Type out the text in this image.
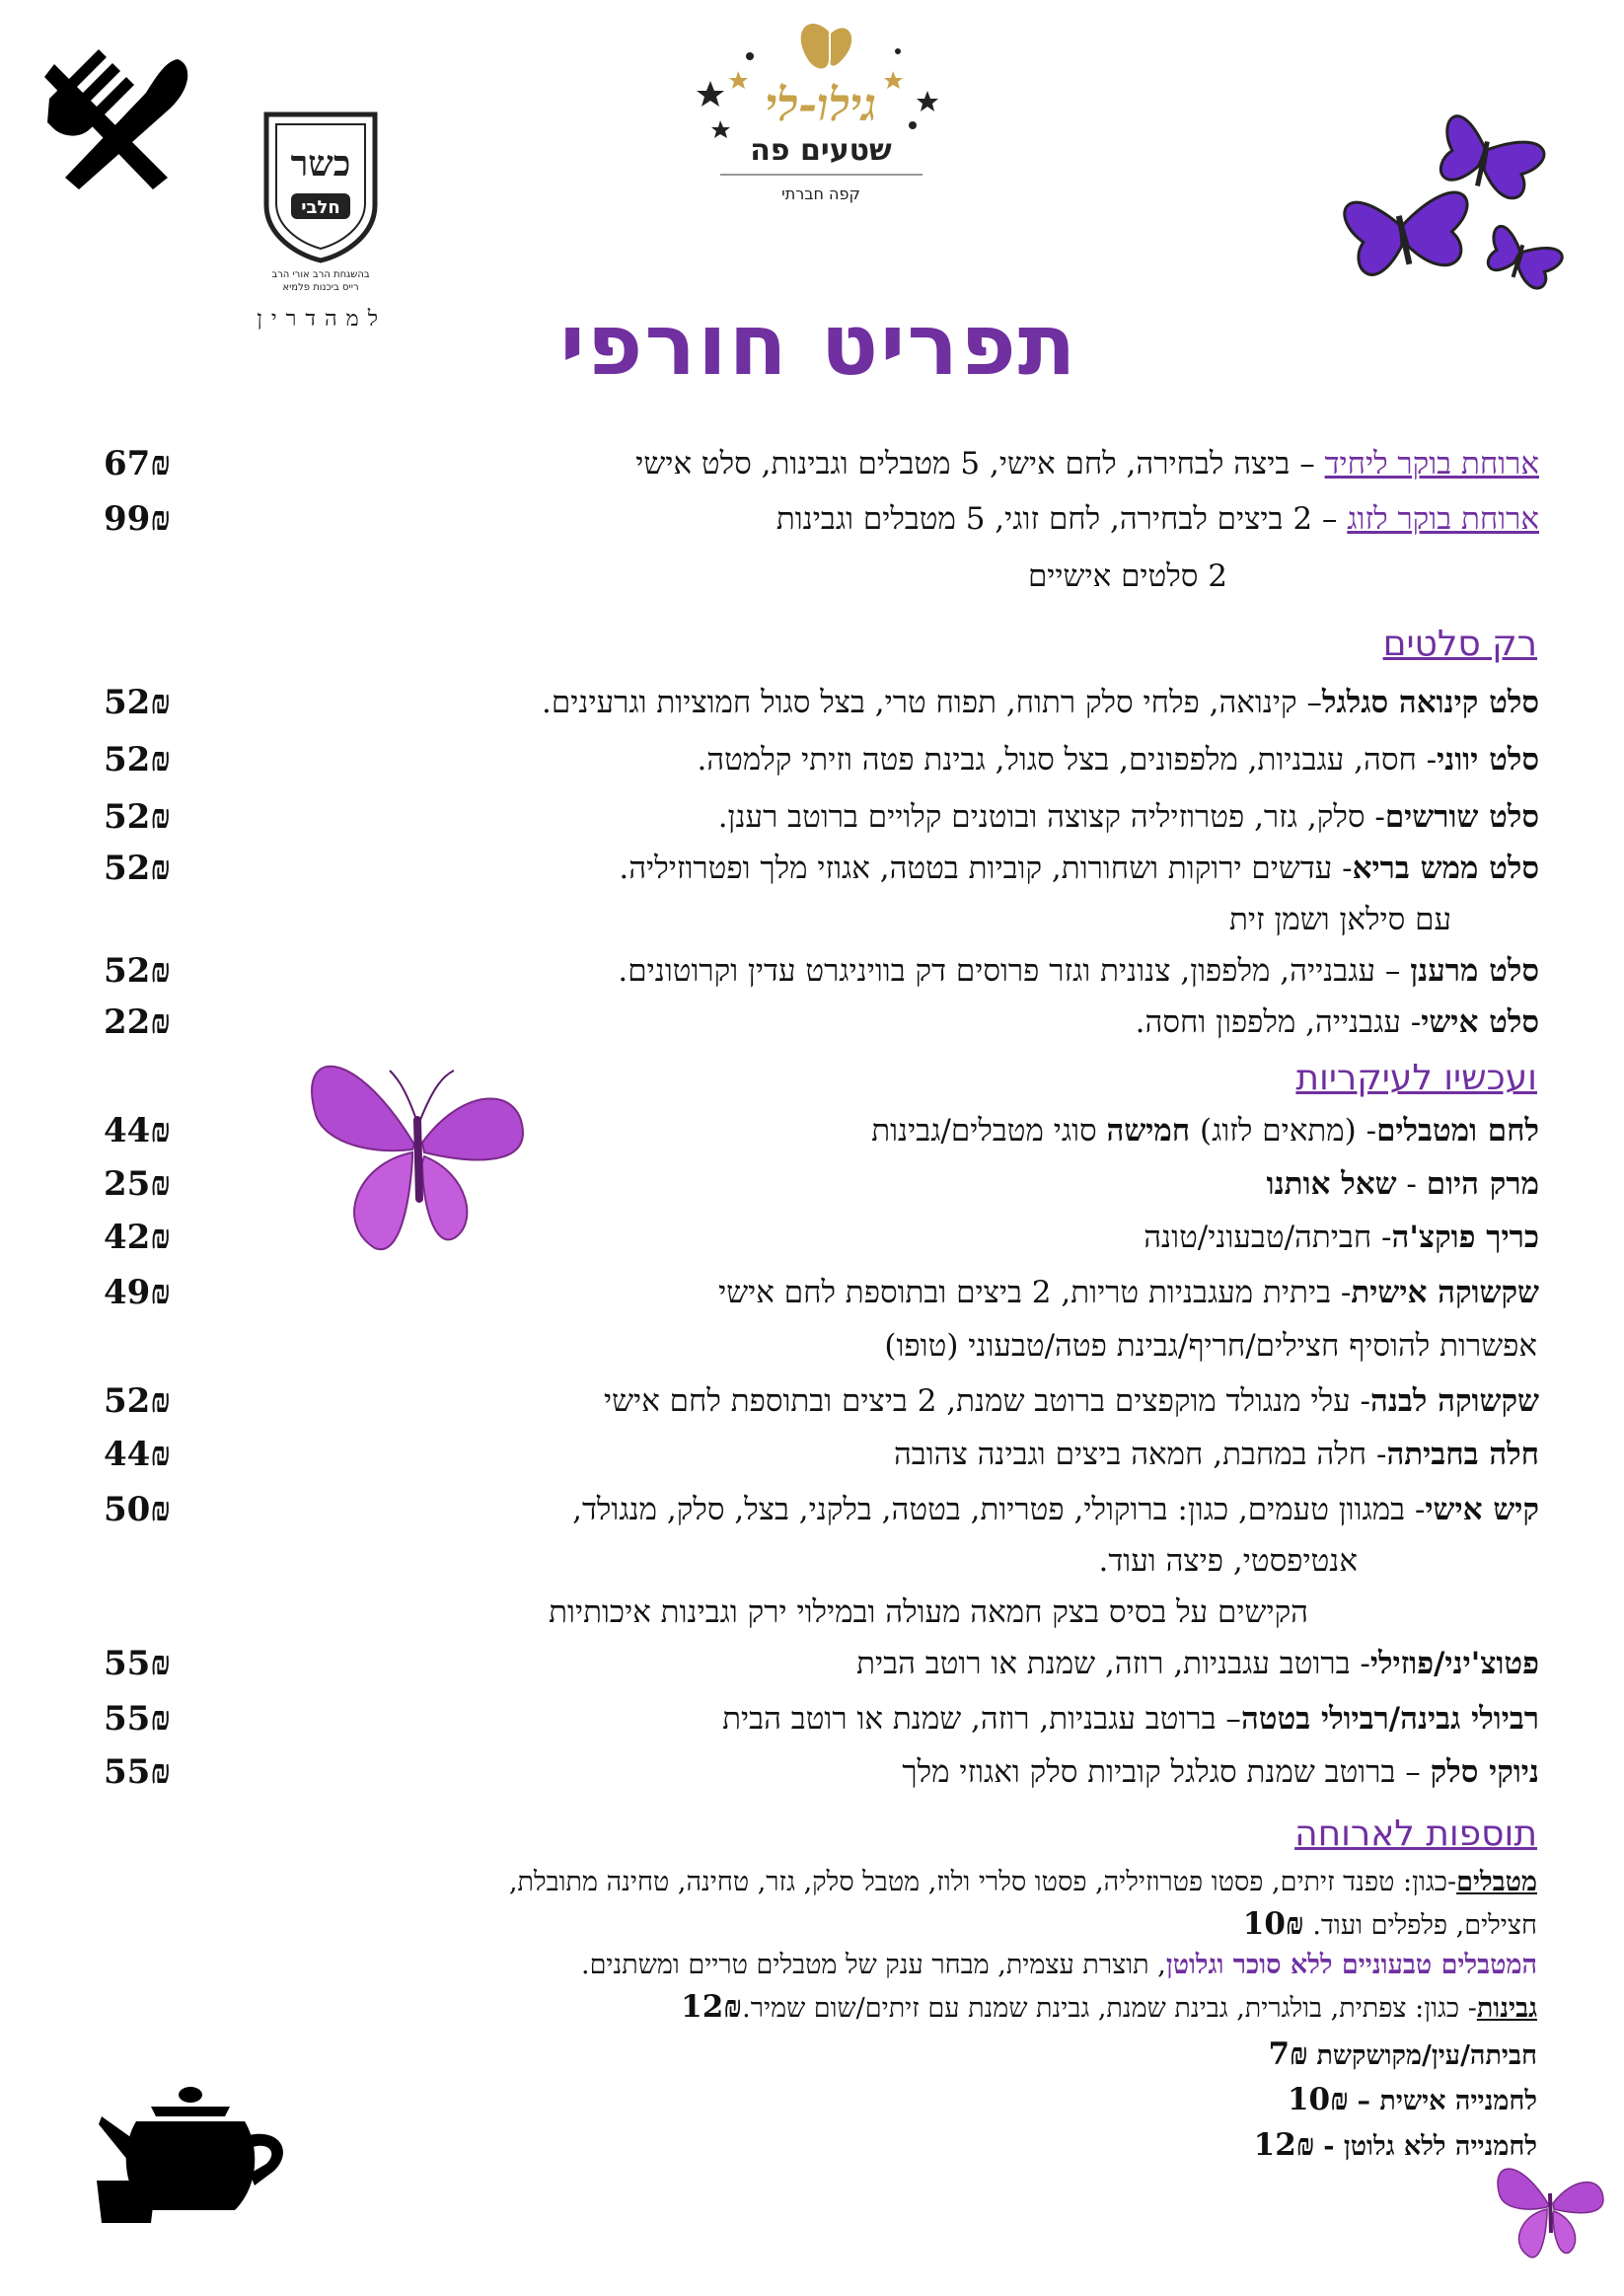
כשר
חלבי
בהשגחת הרב אורי הרב
רייס ביכנות פלמיא
למהדרין
גילו-לי
שטעים פה
קפה חברתי
תפריט חורפי
ארוחת בוקר ליחיד – ביצה לבחירה, לחם אישי, 5 מטבלים וגבינות, סלט אישי
67₪
ארוחת בוקר לזוג – 2 ביצים לבחירה, לחם זוגי, 5 מטבלים וגבינות
99₪
2 סלטים אישיים
רק סלטים
סלט קינואה סגלגל– קינואה, פלחי סלק רתוח, תפוח טרי, בצל סגול חמוציות וגרעינים.
52₪
סלט יווני- חסה, עגבניות, מלפפונים, בצל סגול, גבינת פטה וזיתי קלמטה.
52₪
סלט שורשים- סלק, גזר, פטרוזיליה קצוצה ובוטנים קלויים ברוטב רענן.
52₪
סלט ממש בריא- עדשים ירוקות ושחורות, קוביות בטטה, אגוזי מלך ופטרוזיליה.
52₪
עם סילאן ושמן זית
סלט מרענן – עגבנייה, מלפפון, צנונית וגזר פרוסים דק בוויניגרט עדין וקרוטונים.
52₪
סלט אישי- עגבנייה, מלפפון וחסה.
22₪
ועכשיו לעיקריות
לחם ומטבלים- (מתאים לזוג) חמישה סוגי מטבלים/גבינות
44₪
מרק היום - שאל אותנו
25₪
כריך פוקצ'ה- חביתה/טבעוני/טונה
42₪
שקשוקה אישית- ביתית מעגבניות טריות, 2 ביצים ובתוספת לחם אישי
49₪
אפשרות להוסיף חצילים/חריף/גבינת פטה/טבעוני (טופו)
שקשוקה לבנה- עלי מנגולד מוקפצים ברוטב שמנת, 2 ביצים ובתוספת לחם אישי
52₪
חלה בחביתה- חלה במחבת, חמאה ביצים וגבינה צהובה
44₪
קיש אישי- במגוון טעמים, כגון: ברוקולי, פטריות, בטטה, בלקני, בצל, סלק, מנגולד,
50₪
אנטיפסטי, פיצה ועוד.
הקישים על בסיס בצק חמאה מעולה ובמילוי ירק וגבינות איכותיות
פטוצ'יני/פוזילי- ברוטב עגבניות, רוזה, שמנת או רוטב הבית
55₪
רביולי גבינה/רביולי בטטה– ברוטב עגבניות, רוזה, שמנת או רוטב הבית
55₪
ניוקי סלק – ברוטב שמנת סגלגל קוביות סלק ואגוזי מלך
55₪
תוספות לארוחה
מטבלים-כגון: טפנד זיתים, פסטו פטרוזיליה, פסטו סלרי ולוז, מטבל סלק, גזר, טחינה, טחינה מתובלת,
חצילים, פלפלים ועוד. 10₪
המטבלים טבעוניים ללא סוכר וגלוטן, תוצרת עצמית, מבחר ענק של מטבלים טריים ומשתנים.
גבינות- כגון: צפתית, בולגרית, גבינת שמנת, גבינת שמנת עם זיתים/שום שמיר.12₪
חביתה/עין/מקושקשת 7₪
לחמנייה אישית – 10₪
לחמנייה ללא גלוטן - 12₪
